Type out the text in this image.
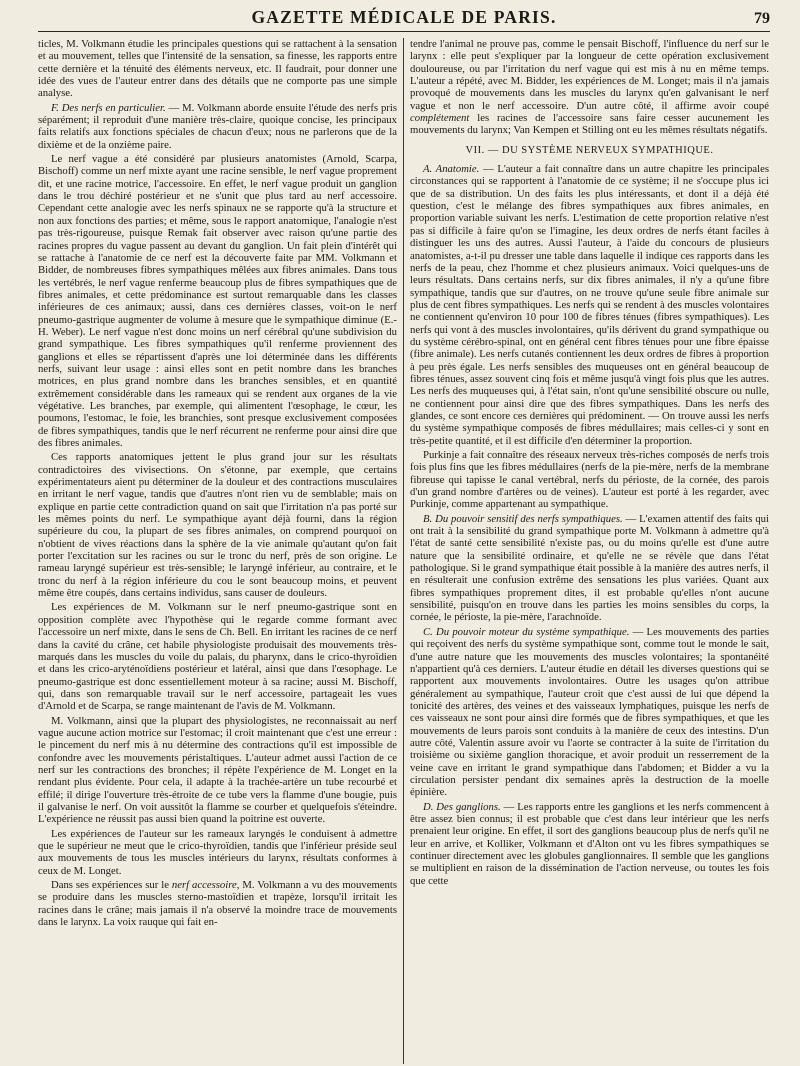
GAZETTE MÉDICALE DE PARIS.	79

ticles, M. Volkmann étudie les principales questions qui se rattachent à la sensation et au mouvement, telles que l'intensité de la sensation, sa finesse, les rapports entre cette dernière et la ténuité des éléments nerveux, etc. Il faudrait, pour donner une idée des vues de l'auteur entrer dans des détails que ne comporte pas une simple analyse.

F. Des nerfs en particulier. — M. Volkmann aborde ensuite l'étude des nerfs pris séparément; il reproduit d'une manière très-claire, quoique concise, les principaux faits relatifs aux fonctions spéciales de chacun d'eux; nous ne parlerons que de la dixième et de la onzième paire.

Le nerf vague a été considéré par plusieurs anatomistes (Arnold, Scarpa, Bischoff) comme un nerf mixte ayant une racine sensible, le nerf vague proprement dit, et une racine motrice, l'accessoire. En effet, le nerf vague produit un ganglion dans le trou déchiré postérieur et ne s'unit que plus tard au nerf accessoire. Cependant cette analogie avec les nerfs spinaux ne se rapporte qu'à la structure et non aux fonctions des parties; et même, sous le rapport anatomique, l'analogie n'est pas très-rigoureuse, puisque Remak fait observer avec raison qu'une partie des racines propres du vague passent au devant du ganglion. Un fait plein d'intérêt qui se rattache à l'anatomie de ce nerf est la découverte faite par MM. Volkmann et Bidder, de nombreuses fibres sympathiques mêlées aux fibres animales. Dans tous les vertébrés, le nerf vague renferme beaucoup plus de fibres sympathiques que de fibres animales, et cette prédominance est surtout remarquable dans les classes inférieures de ces animaux; aussi, dans ces dernières classes, voit-on le nerf pneumo-gastrique augmenter de volume à mesure que le sympathique diminue (E.-H. Weber). Le nerf vague n'est donc moins un nerf cérébral qu'une subdivision du grand sympathique. Les fibres sympathiques qu'il renferme proviennent des ganglions et elles se répartissent d'après une loi déterminée dans les différents nerfs, suivant leur usage : ainsi elles sont en petit nombre dans les branches motrices, en plus grand nombre dans les branches sensibles, et en quantité extrêmement considérable dans les rameaux qui se rendent aux organes de la vie végétative. Les branches, par exemple, qui alimentent l'œsophage, le cœur, les poumons, l'estomac, le foie, les branchies, sont presque exclusivement composées de fibres sympathiques, tandis que le nerf récurrent ne renferme pour ainsi dire que des fibres animales.

Ces rapports anatomiques jettent le plus grand jour sur les résultats contradictoires des vivisections. On s'étonne, par exemple, que certains expérimentateurs aient pu déterminer de la douleur et des contractions musculaires en irritant le nerf vague, tandis que d'autres n'ont rien vu de semblable; mais on explique en partie cette contradiction quand on sait que l'irritation n'a pas porté sur les mêmes points du nerf. Le sympathique ayant déjà fourni, dans la région supérieure du cou, la plupart de ses fibres animales, on comprend pourquoi on n'obtient de vives réactions dans la sphère de la vie animale qu'autant qu'on fait porter l'excitation sur les racines ou sur le tronc du nerf, près de son origine. Le rameau laryngé supérieur est très-sensible; le laryngé inférieur, au contraire, et le tronc du nerf à la région inférieure du cou le sont beaucoup moins, et peuvent même être coupés, dans certains individus, sans causer de douleurs.

Les expériences de M. Volkmann sur le nerf pneumo-gastrique sont en opposition complète avec l'hypothèse qui le regarde comme formant avec l'accessoire un nerf mixte, dans le sens de Ch. Bell. En irritant les racines de ce nerf dans la cavité du crâne, cet habile physiologiste produisait des mouvements très-marqués dans les muscles du voile du palais, du pharynx, dans le crico-thyroïdien et dans les crico-aryténoïdiens postérieur et latéral, ainsi que dans l'œsophage. Le pneumo-gastrique est donc essentiellement moteur à sa racine; aussi M. Bischoff, qui, dans son remarquable travail sur le nerf accessoire, partageait les vues d'Arnold et de Scarpa, se range maintenant de l'avis de M. Volkmann.

M. Volkmann, ainsi que la plupart des physiologistes, ne reconnaissait au nerf vague aucune action motrice sur l'estomac; il croit maintenant que c'est une erreur : le pincement du nerf mis à nu détermine des contractions qu'il est impossible de confondre avec les mouvements péristaltiques. L'auteur admet aussi l'action de ce nerf sur les contractions des bronches; il répète l'expérience de M. Longet en la rendant plus évidente. Pour cela, il adapte à la trachée-artère un tube recourbé et effilé; il dirige l'ouverture très-étroite de ce tube vers la flamme d'une bougie, puis il galvanise le nerf. On voit aussitôt la flamme se courber et quelquefois s'éteindre. L'expérience ne réussit pas aussi bien quand la poitrine est ouverte.

Les expériences de l'auteur sur les rameaux laryngés le conduisent à admettre que le supérieur ne meut que le crico-thyroïdien, tandis que l'inférieur préside seul aux mouvements de tous les muscles intérieurs du larynx, résultats conformes à ceux de M. Longet.

Dans ses expériences sur le nerf accessoire, M. Volkmann a vu des mouvements se produire dans les muscles sterno-mastoïdien et trapèze, lorsqu'il irritait les racines dans le crâne; mais jamais il n'a observé la moindre trace de mouvements dans le larynx. La voix rauque qui fait en-

tendre l'animal ne prouve pas, comme le pensait Bischoff, l'influence du nerf sur le larynx : elle peut s'expliquer par la longueur de cette opération exclusivement douloureuse, ou par l'irritation du nerf vague qui est mis à nu en même temps. L'auteur a répété, avec M. Bidder, les expériences de M. Longet; mais il n'a jamais provoqué de mouvements dans les muscles du larynx qu'en galvanisant le nerf vague et non le nerf accessoire. D'un autre côté, il affirme avoir coupé complétement les racines de l'accessoire sans faire cesser aucunement les mouvements du larynx; Van Kempen et Stilling ont eu les mêmes résultats négatifs.

VII. — DU SYSTÈME NERVEUX SYMPATHIQUE.

A. Anatomie. — L'auteur a fait connaître dans un autre chapitre les principales circonstances qui se rapportent à l'anatomie de ce système; il ne s'occupe plus ici que de sa distribution. Un des faits les plus intéressants, et dont il a déjà été question, c'est le mélange des fibres sympathiques aux fibres animales, en proportion variable suivant les nerfs. L'estimation de cette proportion relative n'est pas si difficile à faire qu'on se l'imagine, les deux ordres de nerfs étant faciles à distinguer les uns des autres. Aussi l'auteur, à l'aide du concours de plusieurs anatomistes, a-t-il pu dresser une table dans laquelle il indique ces rapports dans les nerfs de la peau, chez l'homme et chez plusieurs animaux. Voici quelques-uns de leurs résultats. Dans certains nerfs, sur dix fibres animales, il n'y a qu'une fibre sympathique, tandis que sur d'autres, on ne trouve qu'une seule fibre animale sur plus de cent fibres sympathiques. Les nerfs qui se rendent à des muscles volontaires ne contiennent qu'environ 10 pour 100 de fibres ténues (fibres sympathiques). Les nerfs qui vont à des muscles involontaires, qu'ils dérivent du grand sympathique ou du système cérébro-spinal, ont en général cent fibres ténues pour une fibre épaisse (fibre animale). Les nerfs cutanés contiennent les deux ordres de fibres à proportion à peu près égale. Les nerfs sensibles des muqueuses ont en général beaucoup de fibres ténues, assez souvent cinq fois et même jusqu'à vingt fois plus que les autres. Les nerfs des muqueuses qui, à l'état sain, n'ont qu'une sensibilité obscure ou nulle, ne contiennent pour ainsi dire que des fibres sympathiques. Dans les nerfs des glandes, ce sont encore ces dernières qui prédominent. — On trouve aussi les nerfs du système sympathique composés de fibres médullaires; mais celles-ci y sont en très-petite quantité, et il est difficile d'en déterminer la proportion.

Purkinje a fait connaître des réseaux nerveux très-riches composés de nerfs trois fois plus fins que les fibres médullaires (nerfs de la pie-mère, nerfs de la membrane fibreuse qui tapisse le canal vertébral, nerfs du périoste, de la cornée, des parois d'un grand nombre d'artères ou de veines). L'auteur est porté à les regarder, avec Purkinje, comme appartenant au sympathique.

B. Du pouvoir sensitif des nerfs sympathiques. — L'examen attentif des faits qui ont trait à la sensibilité du grand sympathique porte M. Volkmann à admettre qu'à l'état de santé cette sensibilité n'existe pas, ou du moins qu'elle est d'une autre nature que la sensibilité ordinaire, et qu'elle ne se révèle que dans l'état pathologique. Si le grand sympathique était possible à la manière des autres nerfs, il en résulterait une confusion extrême des sensations les plus variées. Quant aux fibres sympathiques proprement dites, il est probable qu'elles n'ont aucune sensibilité, puisqu'on en trouve dans les parties les moins sensibles du corps, la cornée, le périoste, la pie-mère, l'arachnoïde.

C. Du pouvoir moteur du système sympathique. — Les mouvements des parties qui reçoivent des nerfs du système sympathique sont, comme tout le monde le sait, d'une autre nature que les mouvements des muscles volontaires; la spontanéité n'appartient qu'à ces derniers. L'auteur étudie en détail les diverses questions qui se rapportent aux mouvements involontaires. Outre les usages qu'on attribue généralement au sympathique, l'auteur croit que c'est aussi de lui que dépend la tonicité des artères, des veines et des vaisseaux lymphatiques, puisque les nerfs de ces vaisseaux ne sont pour ainsi dire formés que de fibres sympathiques, et que les mouvements de leurs parois sont conduits à la manière de ceux des intestins. D'un autre côté, Valentin assure avoir vu l'aorte se contracter à la suite de l'irritation du troisième ou sixième ganglion thoracique, et avoir produit un resserrement de la veine cave en irritant le grand sympathique dans l'abdomen; et Bidder a vu la circulation persister pendant dix semaines après la destruction de la moelle épinière.

D. Des ganglions. — Les rapports entre les ganglions et les nerfs commencent à être assez bien connus; il est probable que c'est dans leur intérieur que les nerfs prenaient leur origine. En effet, il sort des ganglions beaucoup plus de nerfs qu'il ne leur en arrive, et Kolliker, Volkmann et d'Alton ont vu les fibres sympathiques se continuer directement avec les globules ganglionnaires. Il semble que les ganglions se multiplient en raison de la dissémination de l'action nerveuse, ou toutes les fois que cette
